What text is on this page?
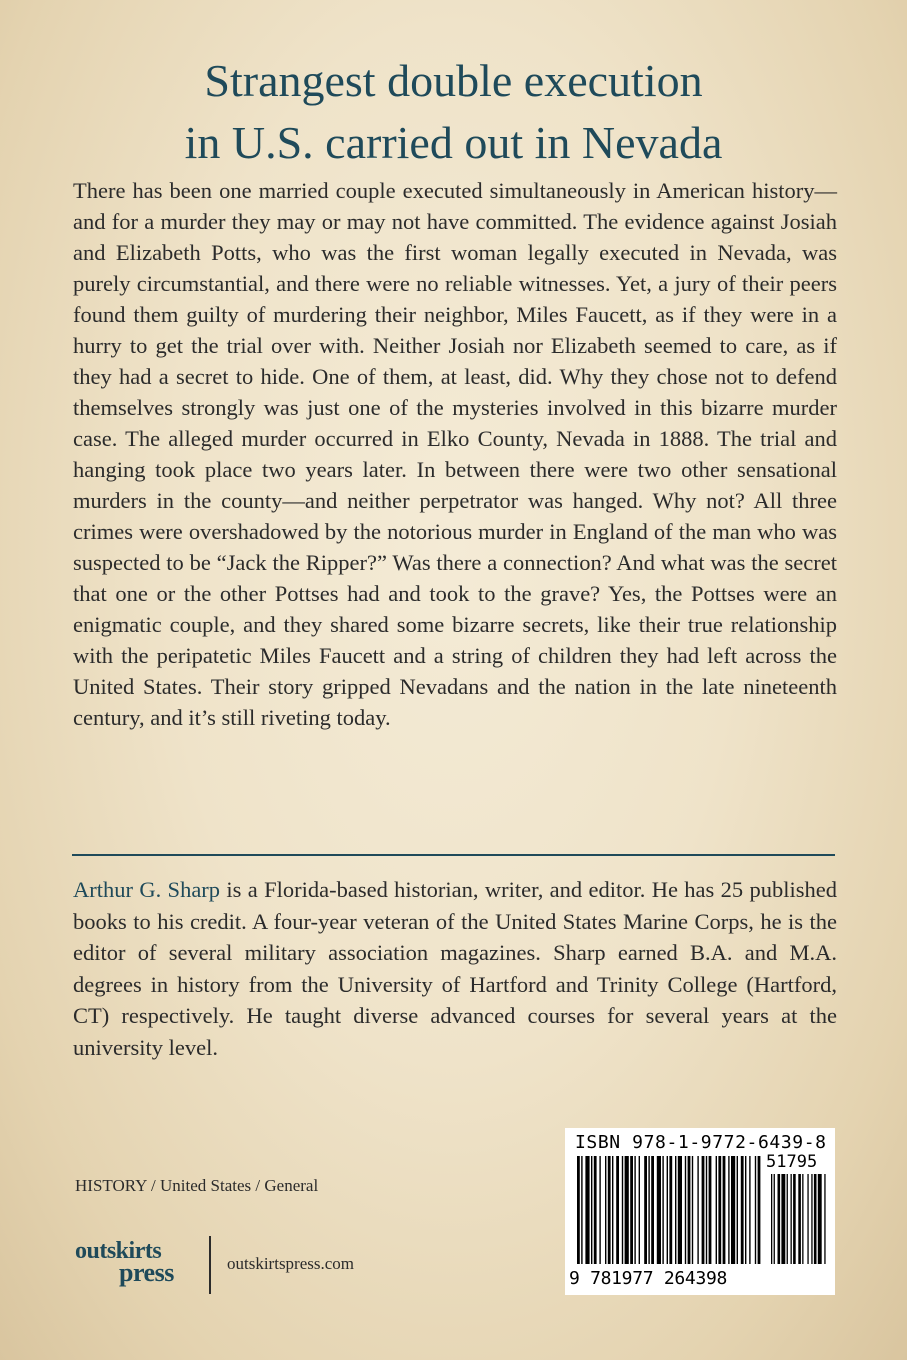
Strangest double execution
in U.S. carried out in Nevada

There has been one married couple executed simultaneously in American history—and for a murder they may or may not have committed. The evidence against Josiah and Elizabeth Potts, who was the first woman legally executed in Nevada, was purely circumstantial, and there were no reliable witnesses. Yet, a jury of their peers found them guilty of murdering their neighbor, Miles Faucett, as if they were in a hurry to get the trial over with. Neither Josiah nor Elizabeth seemed to care, as if they had a secret to hide. One of them, at least, did. Why they chose not to defend themselves strongly was just one of the mysteries involved in this bizarre murder case. The alleged murder occurred in Elko County, Nevada in 1888. The trial and hanging took place two years later. In between there were two other sensational murders in the county—and neither perpetrator was hanged. Why not? All three crimes were overshadowed by the notorious murder in England of the man who was suspected to be “Jack the Ripper?” Was there a connection? And what was the secret that one or the other Pottses had and took to the grave? Yes, the Pottses were an enigmatic couple, and they shared some bizarre secrets, like their true relationship with the peripatetic Miles Faucett and a string of children they had left across the United States. Their story gripped Nevadans and the nation in the late nineteenth century, and it’s still riveting today.

Arthur G. Sharp is a Florida-based historian, writer, and editor. He has 25 published books to his credit. A four-year veteran of the United States Marine Corps, he is the editor of several military association magazines. Sharp earned B.A. and M.A. degrees in history from the University of Hartford and Trinity College (Hartford, CT) respectively. He taught diverse advanced courses for several years at the university level.

HISTORY / United States / General
outskirts
press	outskirtspress.com
ISBN 978-1-9772-6439-8
51795
9 781977 264398
